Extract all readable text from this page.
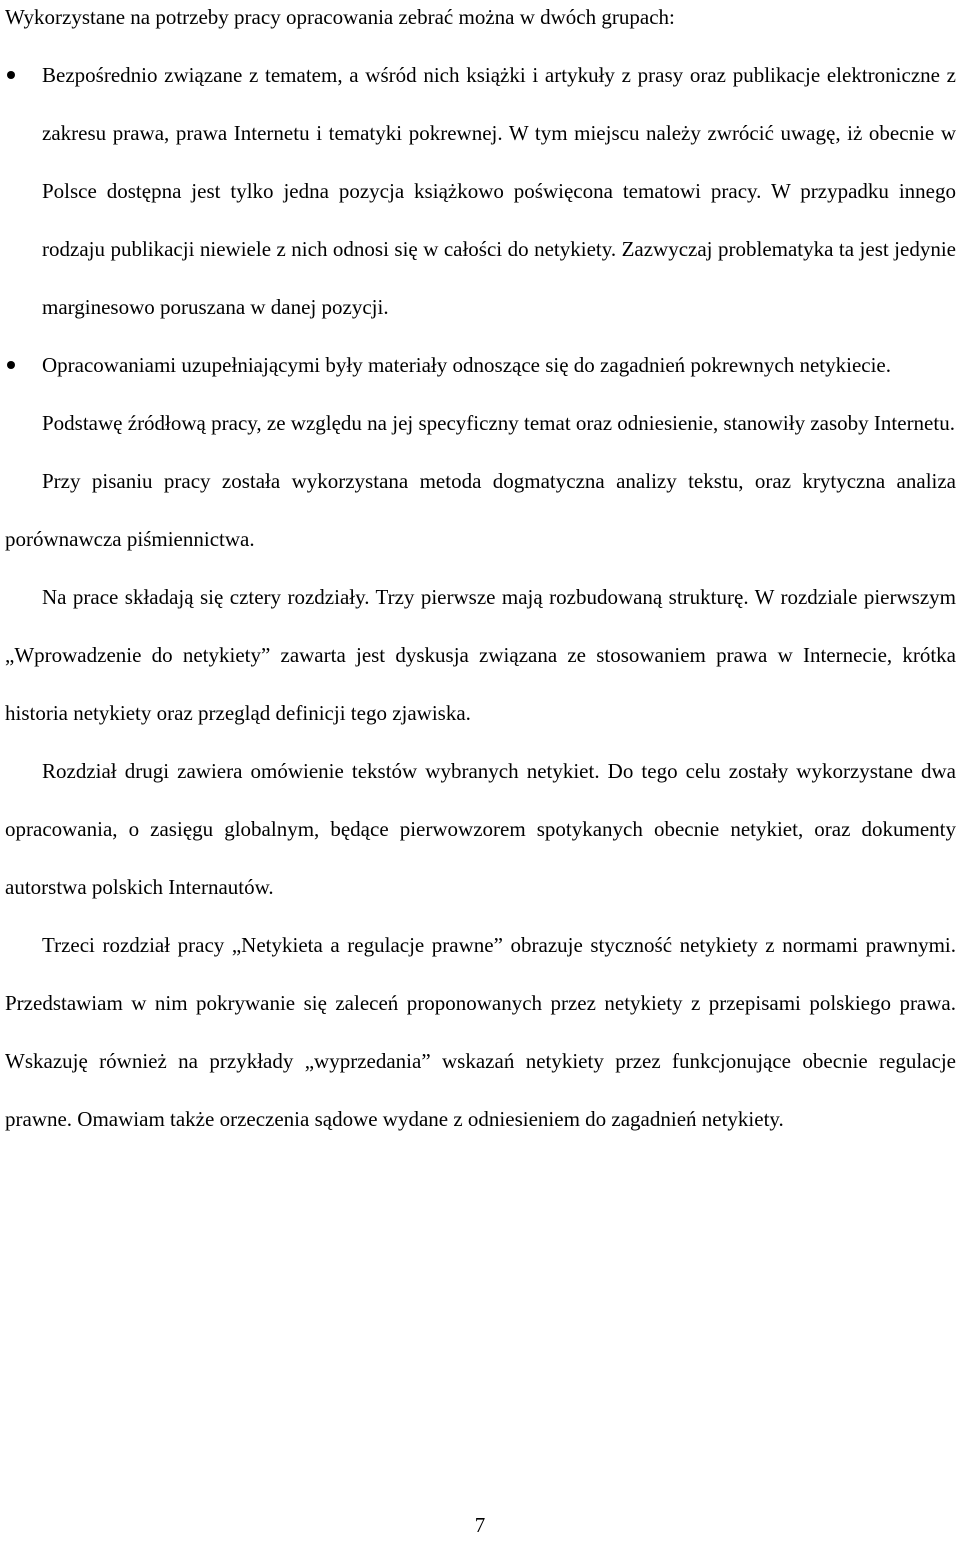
Wykorzystane na potrzeby pracy opracowania zebrać można w dwóch grupach:

Bezpośrednio związane z tematem, a wśród nich książki i artykuły z prasy oraz publikacje elektroniczne z zakresu prawa, prawa Internetu i tematyki pokrewnej. W tym miejscu należy zwrócić uwagę, iż obecnie w Polsce dostępna jest tylko jedna pozycja książkowo poświęcona tematowi pracy. W przypadku innego rodzaju publikacji niewiele z nich odnosi się w całości do netykiety. Zazwyczaj problematyka ta jest jedynie marginesowo poruszana w danej pozycji.
Opracowaniami uzupełniającymi były materiały odnoszące się do zagadnień pokrewnych netykiecie.

Podstawę źródłową pracy, ze względu na jej specyficzny temat oraz odniesienie, stanowiły zasoby Internetu.

Przy pisaniu pracy została wykorzystana metoda dogmatyczna analizy tekstu, oraz krytyczna analiza porównawcza piśmiennictwa.

Na prace składają się cztery rozdziały. Trzy pierwsze mają rozbudowaną strukturę. W rozdziale pierwszym „Wprowadzenie do netykiety” zawarta jest dyskusja związana ze stosowaniem prawa w Internecie, krótka historia netykiety oraz przegląd definicji tego zjawiska.

Rozdział drugi zawiera omówienie tekstów wybranych netykiet. Do tego celu zostały wykorzystane dwa opracowania, o zasięgu globalnym, będące pierwowzorem spotykanych obecnie netykiet, oraz dokumenty autorstwa polskich Internautów.

Trzeci rozdział pracy „Netykieta a regulacje prawne” obrazuje styczność netykiety z normami prawnymi. Przedstawiam w nim pokrywanie się zaleceń proponowanych przez netykiety z przepisami polskiego prawa. Wskazuję również na przykłady „wyprzedania” wskazań netykiety przez funkcjonujące obecnie regulacje prawne. Omawiam także orzeczenia sądowe wydane z odniesieniem do zagadnień netykiety.

7
